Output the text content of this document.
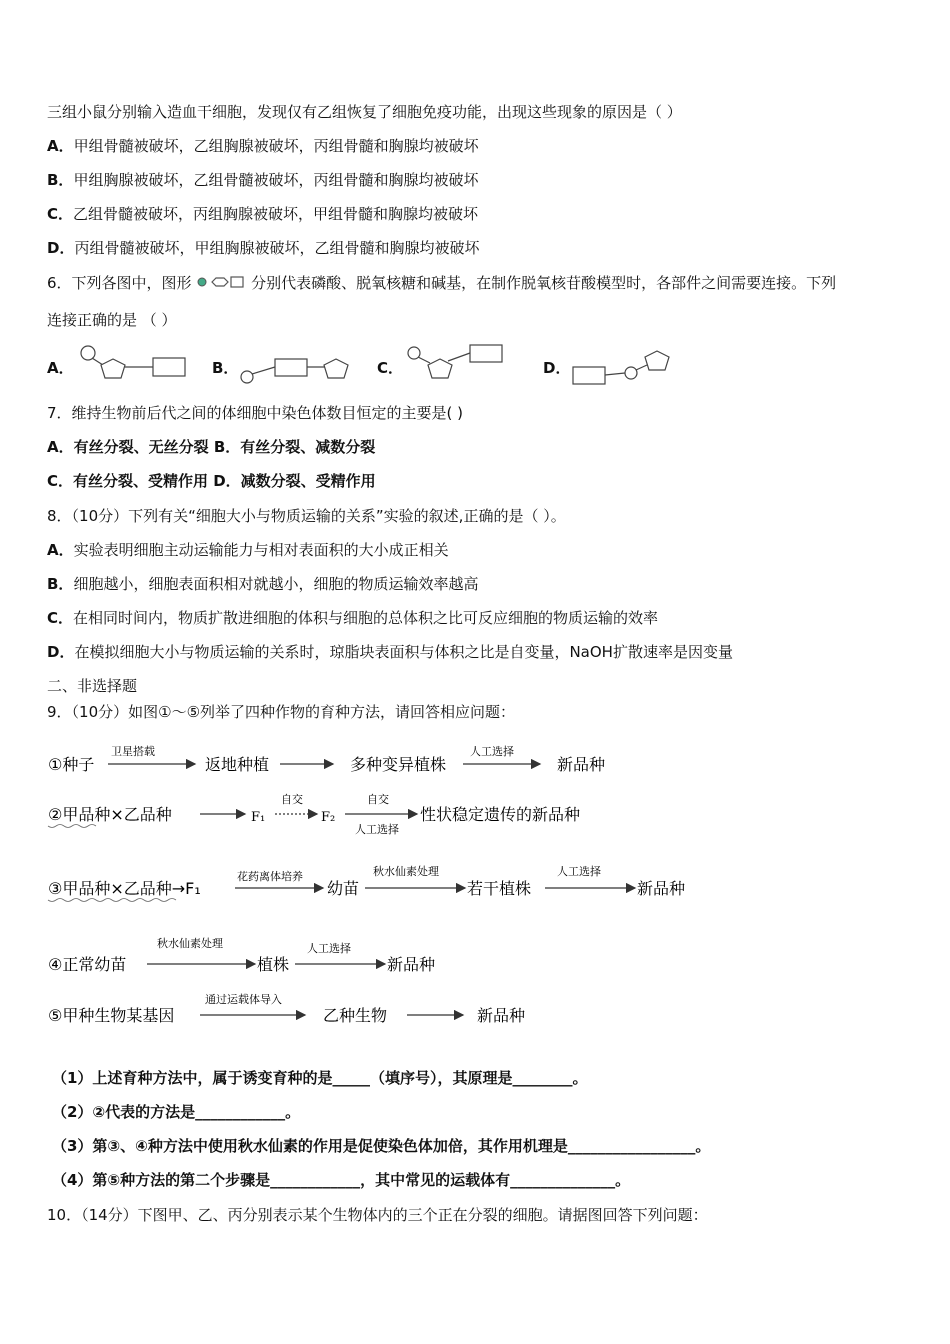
三组小鼠分别输入造血干细胞，发现仅有乙组恢复了细胞免疫功能，出现这些现象的原因是（ ）
A．甲组骨髓被破坏，乙组胸腺被破坏，丙组骨髓和胸腺均被破坏
B．甲组胸腺被破坏，乙组骨髓被破坏，丙组骨髓和胸腺均被破坏
C．乙组骨髓被破坏，丙组胸腺被破坏，甲组骨髓和胸腺均被破坏
D．丙组骨髓被破坏，甲组胸腺被破坏，乙组骨髓和胸腺均被破坏
6．下列各图中，图形	分别代表磷酸、脱氧核糖和碱基，在制作脱氧核苷酸模型时，各部件之间需要连接。下列
连接正确的是 （ ）
A．	B．	C．	D．
7．维持生物前后代之间的体细胞中染色体数目恒定的主要是( )
A．有丝分裂、无丝分裂 B．有丝分裂、减数分裂
C．有丝分裂、受精作用 D．减数分裂、受精作用
8．（10分）下列有关“细胞大小与物质运输的关系”实验的叙述,正确的是（ ）。
A．实验表明细胞主动运输能力与相对表面积的大小成正相关
B．细胞越小，细胞表面积相对就越小，细胞的物质运输效率越高
C．在相同时间内，物质扩散进细胞的体积与细胞的总体积之比可反应细胞的物质运输的效率
D．在模拟细胞大小与物质运输的关系时，琼脂块表面积与体积之比是自变量，NaOH扩散速率是因变量
二、非选择题
9．（10分）如图①～⑤列举了四种作物的育种方法，请回答相应问题：
①种子
卫星搭载
返地种植	多种变异植株
人工选择
新品种
②甲品种×乙品种	F₁
自交
F₂
自交
人工选择
性状稳定遗传的新品种
③甲品种×乙品种→F₁
花药离体培养
幼苗
秋水仙素处理
若干植株
人工选择
新品种
④正常幼苗
秋水仙素处理
植株
人工选择
新品种
⑤甲种生物某基因
通过运载体导入
乙种生物	新品种
（1）上述育种方法中，属于诱变育种的是_____（填序号），其原理是________。
（2）②代表的方法是____________。
（3）第③、④种方法中使用秋水仙素的作用是促使染色体加倍，其作用机理是_________________。
（4）第⑤种方法的第二个步骤是____________，其中常见的运载体有______________。
10．（14分）下图甲、乙、丙分别表示某个生物体内的三个正在分裂的细胞。请据图回答下列问题：
